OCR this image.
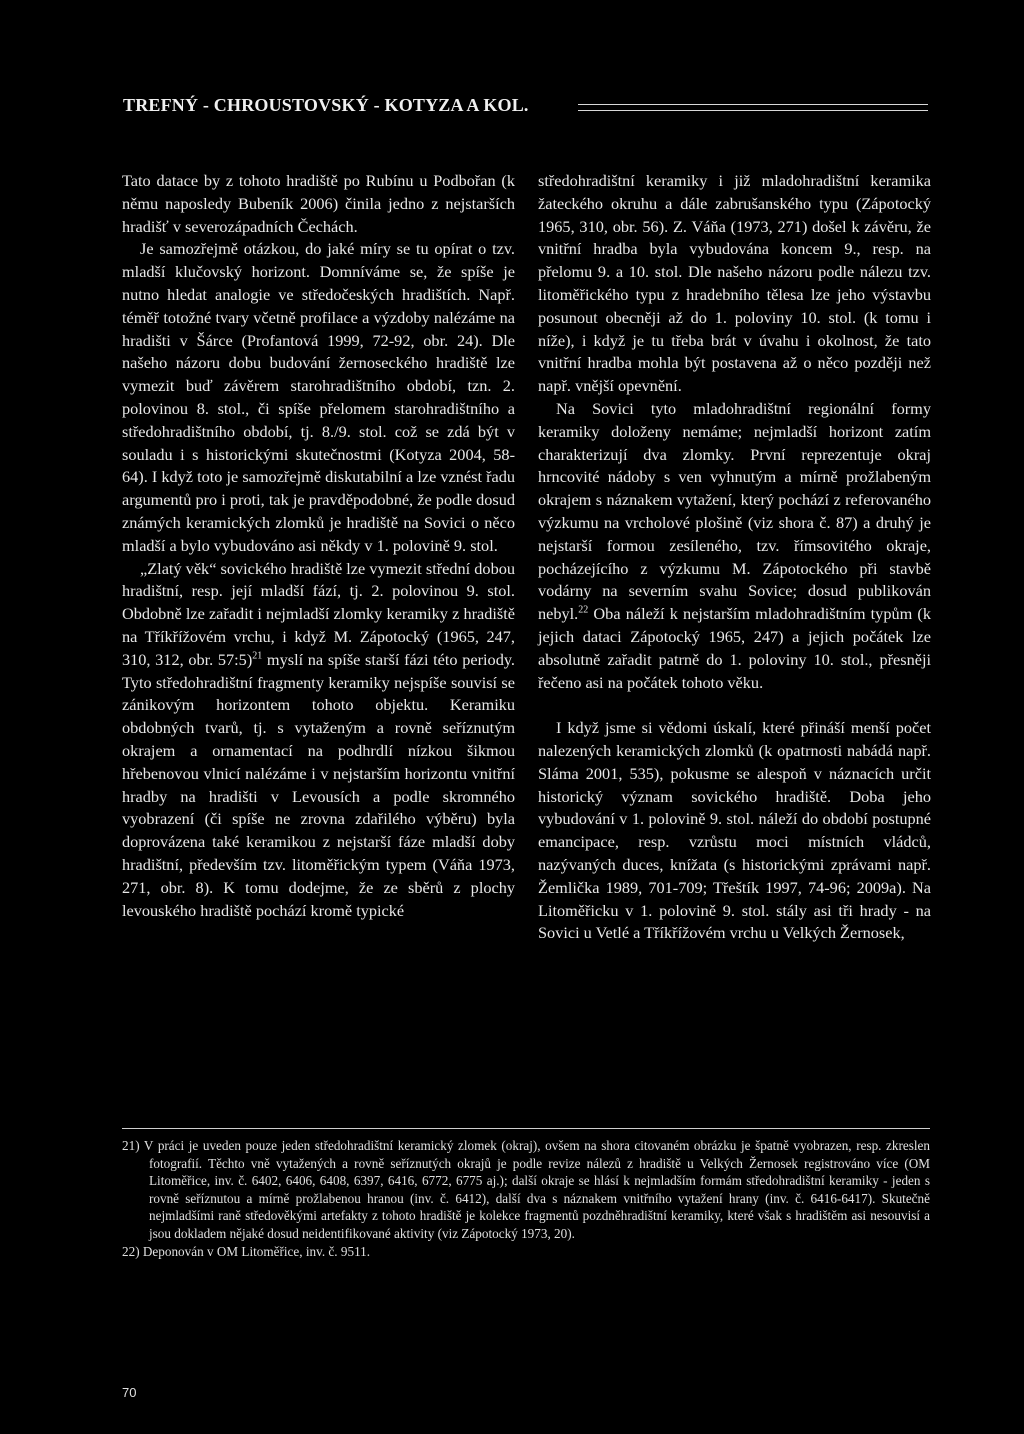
TREFNÝ - CHROUSTOVSKÝ - KOTYZA A KOL.

Tato datace by z tohoto hradiště po Rubínu u Podbořan (k němu naposledy Bubeník 2006) činila jedno z nejstarších hradišť v severozápadních Čechách.

Je samozřejmě otázkou, do jaké míry se tu opírat o tzv. mladší klučovský horizont. Domníváme se, že spíše je nutno hledat analogie ve středočeských hradištích. Např. téměř totožné tvary včetně profilace a výzdoby nalézáme na hradišti v Šárce (Profantová 1999, 72-92, obr. 24). Dle našeho názoru dobu budování žernoseckého hradiště lze vymezit buď závěrem starohradištního období, tzn. 2. polovinou 8. stol., či spíše přelomem starohradištního a středohradištního období, tj. 8./9. stol. což se zdá být v souladu i s historickými skutečnostmi (Kotyza 2004, 58-64). I když toto je samozřejmě diskutabilní a lze vznést řadu argumentů pro i proti, tak je pravděpodobné, že podle dosud známých keramických zlomků je hradiště na Sovici o něco mladší a bylo vybudováno asi někdy v 1. polovině 9. stol.

„Zlatý věk“ sovického hradiště lze vymezit střední dobou hradištní, resp. její mladší fází, tj. 2. polovinou 9. stol. Obdobně lze zařadit i nejmladší zlomky keramiky z hradiště na Tříkřížovém vrchu, i když M. Zápotocký (1965, 247, 310, 312, obr. 57:5)$^{21}$ myslí na spíše starší fázi této periody. Tyto středohradištní fragmenty keramiky nejspíše souvisí se zánikovým horizontem tohoto objektu. Keramiku obdobných tvarů, tj. s vytaženým a rovně seříznutým okrajem a ornamentací na podhrdlí nízkou šikmou hřebenovou vlnicí nalézáme i v nejstarším horizontu vnitřní hradby na hradišti v Levousích a podle skromného vyobrazení (či spíše ne zrovna zdařilého výběru) byla doprovázena také keramikou z nejstarší fáze mladší doby hradištní, především tzv. litoměřickým typem (Váňa 1973, 271, obr. 8). K tomu dodejme, že ze sběrů z plochy levouského hradiště pochází kromě typické

středohradištní keramiky i již mladohradištní keramika žateckého okruhu a dále zabrušanského typu (Zápotocký 1965, 310, obr. 56). Z. Váňa (1973, 271) došel k závěru, že vnitřní hradba byla vybudována koncem 9., resp. na přelomu 9. a 10. stol. Dle našeho názoru podle nálezu tzv. litoměřického typu z hradebního tělesa lze jeho výstavbu posunout obecněji až do 1. poloviny 10. stol. (k tomu i níže), i když je tu třeba brát v úvahu i okolnost, že tato vnitřní hradba mohla být postavena až o něco později než např. vnější opevnění.

Na Sovici tyto mladohradištní regionální formy keramiky doloženy nemáme; nejmladší horizont zatím charakterizují dva zlomky. První reprezentuje okraj hrncovité nádoby s ven vyhnutým a mírně prožlabeným okrajem s náznakem vytažení, který pochází z referovaného výzkumu na vrcholové plošině (viz shora č. 87) a druhý je nejstarší formou zesíleného, tzv. římsovitého okraje, pocházejícího z výzkumu M. Zápotockého při stavbě vodárny na severním svahu Sovice; dosud publikován nebyl.$^{22}$ Oba náleží k nejstarším mladohradištním typům (k jejich dataci Zápotocký 1965, 247) a jejich počátek lze absolutně zařadit patrně do 1. poloviny 10. stol., přesněji řečeno asi na počátek tohoto věku.

I když jsme si vědomi úskalí, které přináší menší počet nalezených keramických zlomků (k opatrnosti nabádá např. Sláma 2001, 535), pokusme se alespoň v náznacích určit historický význam sovického hradiště. Doba jeho vybudování v 1. polovině 9. stol. náleží do období postupné emancipace, resp. vzrůstu moci místních vládců, nazývaných duces, knížata (s historickými zprávami např. Žemlička 1989, 701-709; Třeštík 1997, 74-96; 2009a). Na Litoměřicku v 1. polovině 9. stol. stály asi tři hrady - na Sovici u Vetlé a Tříkřížovém vrchu u Velkých Žernosek,

21) V práci je uveden pouze jeden středohradištní keramický zlomek (okraj), ovšem na shora citovaném obrázku je špatně vyobrazen, resp. zkreslen fotografií. Těchto vně vytažených a rovně seříznutých okrajů je podle revize nálezů z hradiště u Velkých Žernosek registrováno více (OM Litoměřice, inv. č. 6402, 6406, 6408, 6397, 6416, 6772, 6775 aj.); další okraje se hlásí k nejmladším formám středohradištní keramiky - jeden s rovně seříznutou a mírně prožlabenou hranou (inv. č. 6412), další dva s náznakem vnitřního vytažení hrany (inv. č. 6416-6417). Skutečně nejmladšími raně středověkými artefakty z tohoto hradiště je kolekce fragmentů pozdněhradištní keramiky, které však s hradištěm asi nesouvisí a jsou dokladem nějaké dosud neidentifikované aktivity (viz Zápotocký 1973, 20).

22) Deponován v OM Litoměřice, inv. č. 9511.

70
